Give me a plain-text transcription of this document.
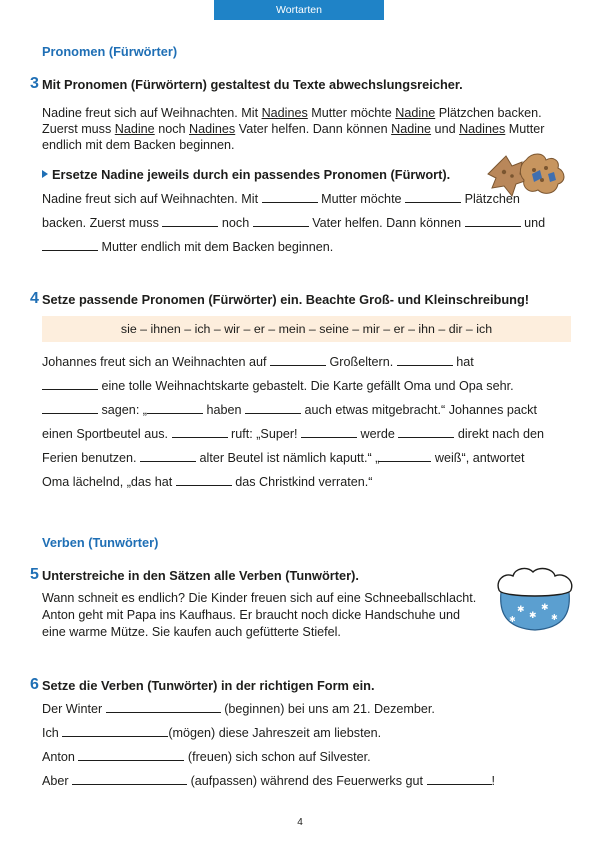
Wortarten
Pronomen (Fürwörter)
3 Mit Pronomen (Fürwörtern) gestaltest du Texte abwechslungsreicher.
Nadine freut sich auf Weihnachten. Mit Nadines Mutter möchte Nadine Plätzchen backen.
Zuerst muss Nadine noch Nadines Vater helfen. Dann können Nadine und Nadines Mutter
endlich mit dem Backen beginnen.
Ersetze Nadine jeweils durch ein passendes Pronomen (Fürwort).
Nadine freut sich auf Weihnachten. Mit	Mutter möchte	Plätzchen
backen. Zuerst muss	noch	Vater helfen. Dann können	und
Mutter endlich mit dem Backen beginnen.
4 Setze passende Pronomen (Fürwörter) ein. Beachte Groß- und Kleinschreibung!
sie – ihnen – ich – wir – er – mein – seine – mir – er – ihn – dir – ich
Johannes freut sich an Weihnachten auf	Großeltern.	hat
eine tolle Weihnachtskarte gebastelt. Die Karte gefällt Oma und Opa sehr.
sagen: „	haben	auch etwas mitgebracht.“ Johannes packt
einen Sportbeutel aus.	ruft: „Super!	werde	direkt nach den
Ferien benutzen.	alter Beutel ist nämlich kaputt.“ „	weiß“, antwortet
Oma lächelnd, „das hat	das Christkind verraten.“
Verben (Tunwörter)
5 Unterstreiche in den Sätzen alle Verben (Tunwörter).
Wann schneit es endlich? Die Kinder freuen sich auf eine Schneeballschlacht.
Anton geht mit Papa ins Kaufhaus. Er braucht noch dicke Handschuhe und
eine warme Mütze. Sie kaufen auch gefütterte Stiefel.
✱
✱
✱
✱	✱
6 Setze die Verben (Tunwörter) in der richtigen Form ein.
Der Winter	(beginnen) bei uns am 21. Dezember.
Ich	(mögen) diese Jahreszeit am liebsten.
Anton	(freuen) sich schon auf Silvester.
Aber	(aufpassen) während des Feuerwerks gut	!
4
